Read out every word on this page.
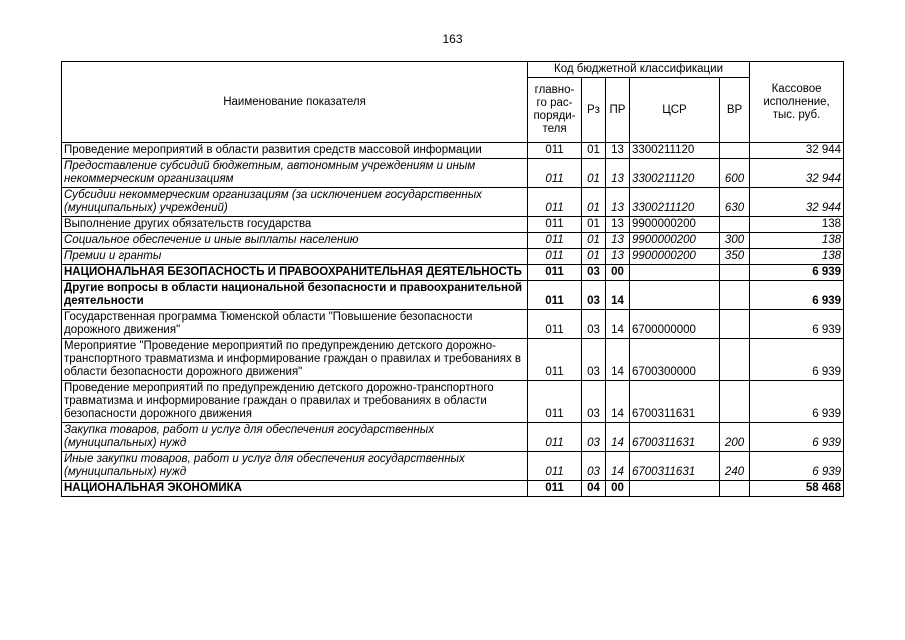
163
Наименование показателя	Код бюджетной классификации					Кассовое исполнение, тыс. руб.
	главно-го рас-поряди-теля	Рз	ПР	ЦСР	ВР	
Проведение мероприятий в области развития средств массовой информации	011	01	13	3300211120		32 944
Предоставление субсидий бюджетным, автономным учреждениям и иным некоммерческим организациям	011	01	13	3300211120	600	32 944
Субсидии некоммерческим организациям (за исключением государственных (муниципальных) учреждений)	011	01	13	3300211120	630	32 944
Выполнение других обязательств государства	011	01	13	9900000200		138
Социальное обеспечение и иные выплаты населению	011	01	13	9900000200	300	138
Премии и гранты	011	01	13	9900000200	350	138
НАЦИОНАЛЬНАЯ БЕЗОПАСНОСТЬ И ПРАВООХРАНИТЕЛЬНАЯ ДЕЯТЕЛЬНОСТЬ	011	03	00			6 939
Другие вопросы в области национальной безопасности и правоохранительной деятельности	011	03	14			6 939
Государственная программа Тюменской области "Повышение безопасности дорожного движения"	011	03	14	6700000000		6 939
Мероприятие "Проведение мероприятий по предупреждению детского дорожно-транспортного травматизма и информирование граждан о правилах и требованиях в области безопасности дорожного движения"	011	03	14	6700300000		6 939
Проведение мероприятий по предупреждению детского дорожно-транспортного травматизма и информирование граждан о правилах и требованиях в области безопасности дорожного движения	011	03	14	6700311631		6 939
Закупка товаров, работ и услуг для обеспечения государственных (муниципальных) нужд	011	03	14	6700311631	200	6 939
Иные закупки товаров, работ и услуг для обеспечения государственных (муниципальных) нужд	011	03	14	6700311631	240	6 939
НАЦИОНАЛЬНАЯ ЭКОНОМИКА	011	04	00			58 468
